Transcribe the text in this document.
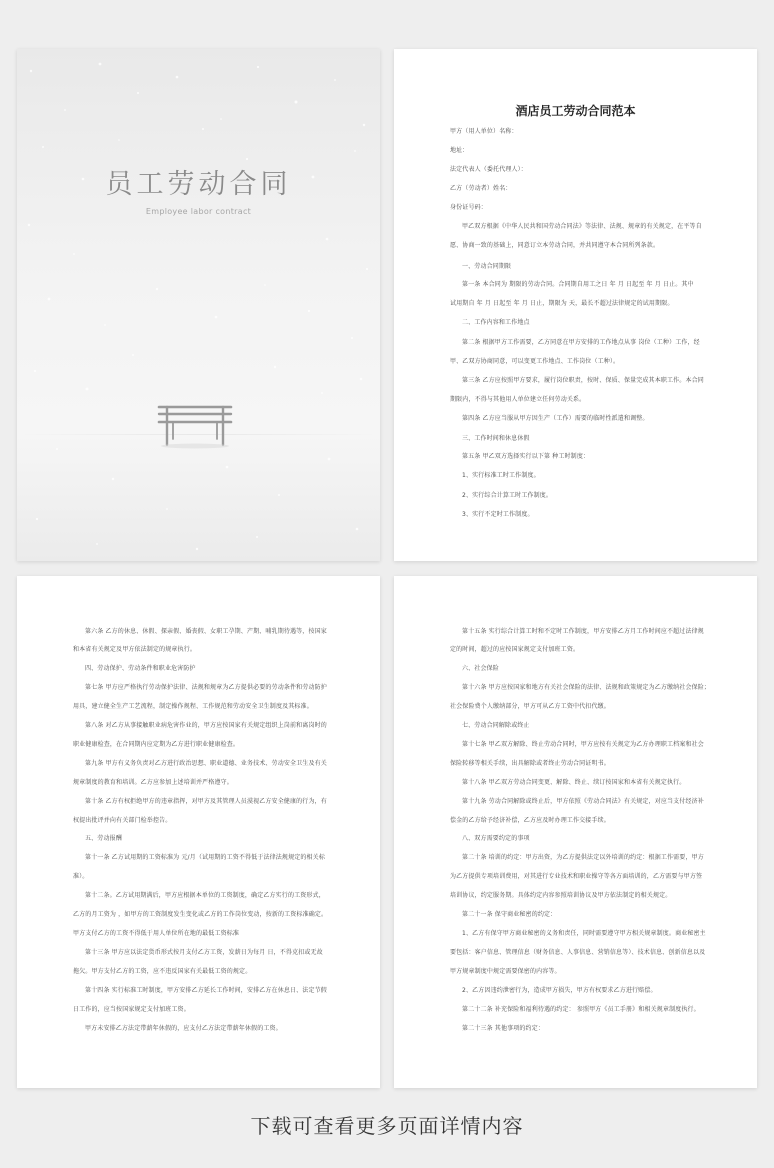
员工劳动合同
Employee labor contract
酒店员工劳动合同范本
甲方（用人单位）名称：
地址：
法定代表人（委托代理人）：
乙方（劳动者）姓名：
身份证号码：
甲乙双方根据《中华人民共和国劳动合同法》等法律、法规、规章的有关规定，在平等自
愿、协商一致的基础上，同意订立本劳动合同，并共同遵守本合同所列条款。
一、劳动合同期限
第一条 本合同为 期限的劳动合同。合同期自用工之日 年 月 日起至 年 月 日止。其中
试用期自 年 月 日起至 年 月 日止，期限为 天，最长不超过法律规定的试用期限。
二、工作内容和工作地点
第二条 根据甲方工作需要，乙方同意在甲方安排的工作地点从事 岗位（工种）工作，经
甲、乙双方协商同意，可以变更工作地点、工作岗位（工种）。
第三条 乙方应按照甲方要求，履行岗位职责，按时、保质、保量完成其本职工作。本合同
期限内，不得与其他用人单位建立任何劳动关系。
第四条 乙方应当服从甲方因生产（工作）需要的临时性派遣和调整。
三、工作时间和休息休假
第五条 甲乙双方选择实行以下第 种工时制度：
1、实行标准工时工作制度。
2、实行综合计算工时工作制度。
3、实行不定时工作制度。
第六条 乙方的休息、休假、探亲假、婚丧假、女职工孕期、产期、哺乳期待遇等，按国家
和本省有关规定及甲方依法制定的规章执行。
四、劳动保护、劳动条件和职业危害防护
第七条 甲方应严格执行劳动保护法律、法规和规章为乙方提供必要的劳动条件和劳动防护
用具，建立健全生产工艺流程，制定操作规程、工作规范和劳动安全卫生制度及其标准。
第八条 对乙方从事接触职业病危害作业的，甲方应按国家有关规定组织上岗前和离岗时的
职业健康检查，在合同期内应定期为乙方进行职业健康检查。
第九条 甲方有义务负责对乙方进行政治思想、职业道德、业务技术、劳动安全卫生及有关
规章制度的教育和培训。乙方应参加上述培训并严格遵守。
第十条 乙方有权拒绝甲方的违章指挥，对甲方及其管理人员漠视乙方安全健康的行为，有
权提出批评并向有关部门检举控告。
五、劳动报酬
第十一条 乙方试用期的工资标准为 元/月（试用期的工资不得低于法律法规规定的相关标
准）。
第十二条。乙方试用期满后，甲方应根据本单位的工资制度，确定乙方实行的工资形式，
乙方的月工资为 ，如甲方的工资制度发生变化或乙方的工作岗位变动，按新的工资标准确定。
甲方支付乙方的工资不得低于用人单位所在地的最低工资标准
第十三条 甲方应以法定货币形式按月支付乙方工资，发薪日为每月 日，不得克扣或无故
拖欠。甲方支付乙方的工资，应不违反国家有关最低工资的规定。
第十四条 实行标准工时制度，甲方安排乙方延长工作时间，安排乙方在休息日、法定节假
日工作的，应当按国家规定支付加班工资。
甲方未安排乙方法定带薪年休假的，应支付乙方法定带薪年休假的工资。
第十五条 实行综合计算工时和不定时工作制度，甲方安排乙方月工作时间应不超过法律规
定的时间，超过的应按国家规定支付加班工资。
六、社会保险
第十六条 甲方应按国家和地方有关社会保险的法律、法规和政策规定为乙方缴纳社会保险；
社会保险费个人缴纳部分，甲方可从乙方工资中代扣代缴。
七、劳动合同解除或终止
第十七条 甲乙双方解除、终止劳动合同时，甲方应按有关规定为乙方办理职工档案和社会
保险转移等相关手续，出具解除或者终止劳动合同证明书。
第十八条 甲乙双方劳动合同变更、解除、终止、续订按国家和本省有关规定执行。
第十九条 劳动合同解除或终止后，甲方依照《劳动合同法》有关规定，对应当支付经济补
偿金的乙方给予经济补偿，乙方应及时办理工作交接手续。
八、双方需要约定的事项
第二十条 培训的约定：甲方出资，为乙方提供法定以外培训的约定：根据工作需要，甲方
为乙方提供专项培训费用，对其进行专业技术和职业操守等各方面培训的，乙方需要与甲方签
培训协议，约定服务期。具体约定内容参照培训协议及甲方依法制定的相关规定。
第二十一条 保守商业秘密的约定：
1、乙方有保守甲方商业秘密的义务和责任，同时需要遵守甲方相关规章制度。商业秘密主
要包括：客户信息、管理信息（财务信息、人事信息、营销信息等）、技术信息、创新信息以及
甲方规章制度中规定需要保密的内容等。
2、乙方因违约泄密行为，造成甲方损失，甲方有权要求乙方进行赔偿。
第二十二条 补充保险和福利待遇的约定： 参照甲方《员工手册》和相关规章制度执行。
第二十三条 其他事项的约定：
下载可查看更多页面详情内容
